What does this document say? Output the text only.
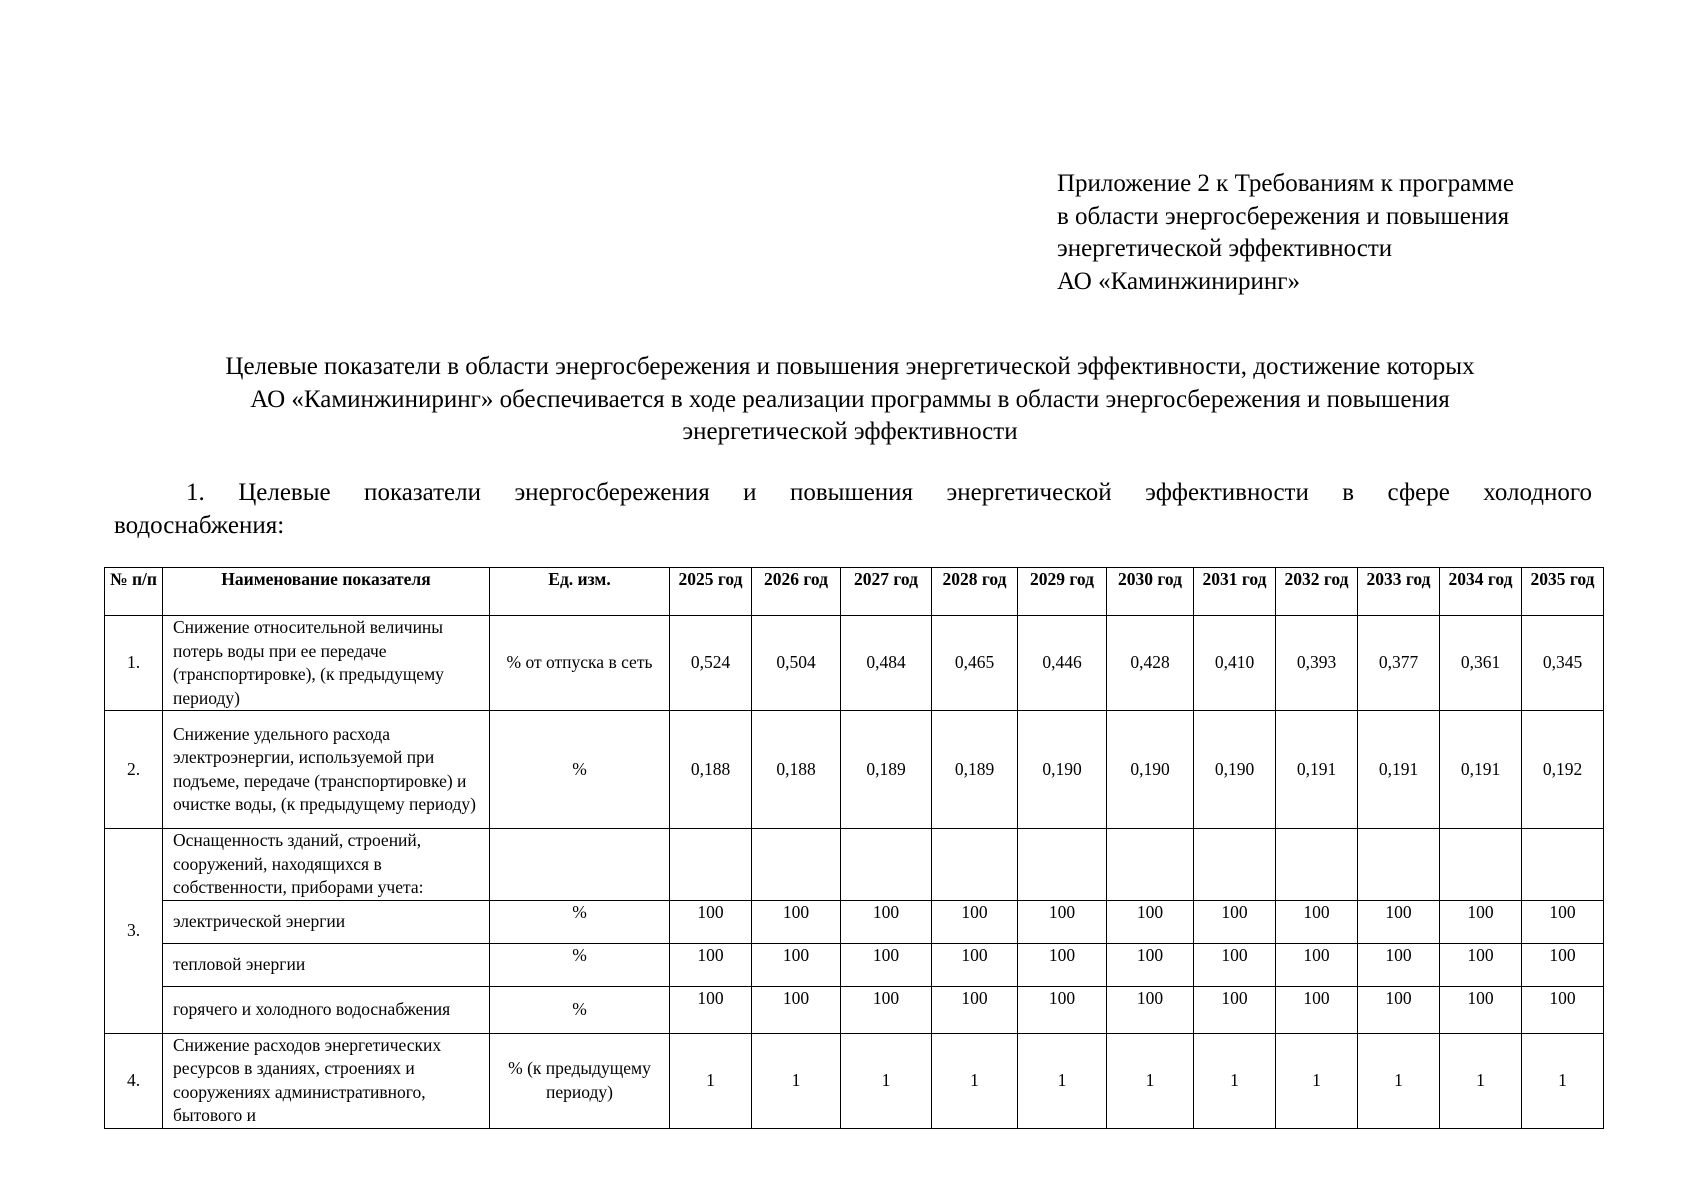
Приложение 2 к Требованиям к программе
в области энергосбережения и повышения
энергетической эффективности
АО «Каминжиниринг»
Целевые показатели в области энергосбережения и повышения энергетической эффективности, достижение которых
АО «Каминжиниринг» обеспечивается в ходе реализации программы в области энергосбережения и повышения
энергетической эффективности
1. Целевые показатели энергосбережения и повышения энергетической эффективности в сфере холодного
водоснабжения:
№ п/п	Наименование показателя	Ед. изм.	2025 год	2026 год	2027 год	2028 год	2029 год	2030 год	2031 год	2032 год	2033 год	2034 год	2035 год
1.	Снижение относительной величины потерь воды при ее передаче (транспортировке), (к предыдущему периоду)	% от отпуска в сеть	0,524	0,504	0,484	0,465	0,446	0,428	0,410	0,393	0,377	0,361	0,345
2.	Снижение удельного расхода электроэнергии, используемой при подъеме, передаче (транспортировке) и очистке воды, (к предыдущему периоду)	%	0,188	0,188	0,189	0,189	0,190	0,190	0,190	0,191	0,191	0,191	0,192
3.	Оснащенность зданий, строений, сооружений, находящихся в собственности, приборами учета:												
	электрической энергии	%	100	100	100	100	100	100	100	100	100	100	100
	тепловой энергии	%	100	100	100	100	100	100	100	100	100	100	100
	горячего и холодного водоснабжения	%	100	100	100	100	100	100	100	100	100	100	100
4.	Снижение расходов энергетических ресурсов в зданиях, строениях и сооружениях административного, бытового и	% (к предыдущему периоду)	1	1	1	1	1	1	1	1	1	1	1
